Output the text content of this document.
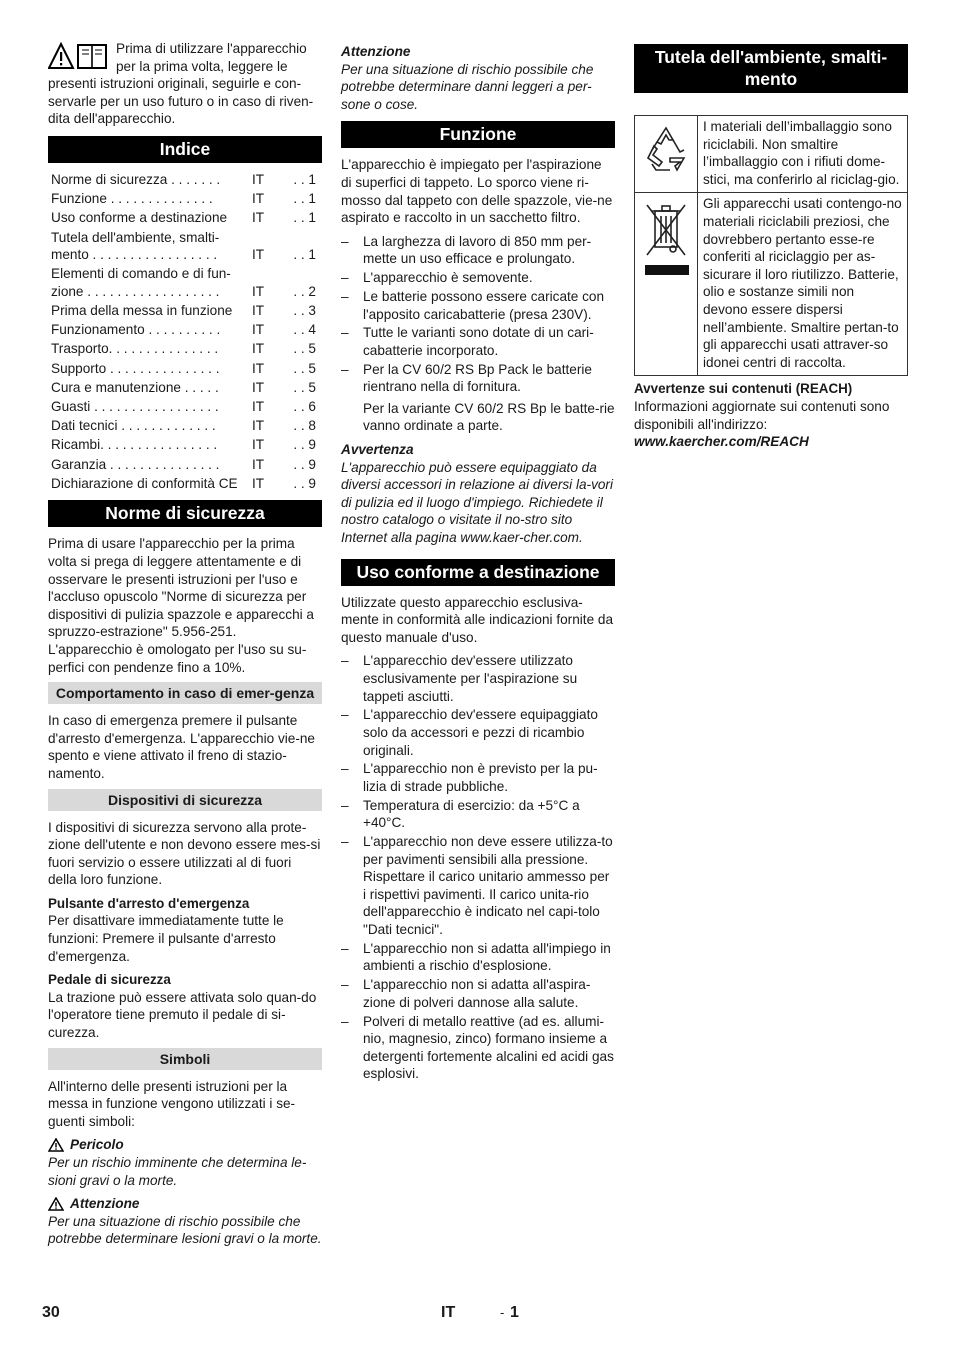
Prima di utilizzare l'apparecchio per la prima volta, leggere le presenti istruzioni originali, seguirle e con-servarle per un uso futuro o in caso di riven-dita dell'apparecchio.

Indice
Norme di sicurezza . . . . . . .	IT	. . 1
Funzione . . . . . . . . . . . . . .	IT	. . 1
Uso conforme a destinazione	IT	. . 1
Tutela dell'ambiente, smalti-
mento . . . . . . . . . . . . . . . . .	IT	. . 1
Elementi di comando e di fun-
zione . . . . . . . . . . . . . . . . . .	IT	. . 2
Prima della messa in funzione	IT	. . 3
Funzionamento . . . . . . . . . .	IT	. . 4
Trasporto. . . . . . . . . . . . . . .	IT	. . 5
Supporto . . . . . . . . . . . . . . .	IT	. . 5
Cura e manutenzione . . . . .	IT	. . 5
Guasti . . . . . . . . . . . . . . . . .	IT	. . 6
Dati tecnici . . . . . . . . . . . . .	IT	. . 8
Ricambi. . . . . . . . . . . . . . . .	IT	. . 9
Garanzia . . . . . . . . . . . . . . .	IT	. . 9
Dichiarazione di conformità CE	IT	. . 9
Norme di sicurezza

Prima di usare l'apparecchio per la prima volta si prega di leggere attentamente e di osservare le presenti istruzioni per l'uso e l'accluso opuscolo "Norme di sicurezza per dispositivi di pulizia spazzole e apparecchi a spruzzo-estrazione" 5.956-251.
L'apparecchio è omologato per l'uso su su-perfici con pendenze fino a 10%.

Comportamento in caso di emer-genza

In caso di emergenza premere il pulsante d'arresto d'emergenza. L'apparecchio vie-ne spento e viene attivato il freno di stazio-namento.

Dispositivi di sicurezza

I dispositivi di sicurezza servono alla prote-zione dell'utente e non devono essere mes-si fuori servizio o essere utilizzati al di fuori della loro funzione.

Pulsante d'arresto d'emergenza

Per disattivare immediatamente tutte le funzioni: Premere il pulsante d'arresto d'emergenza.

Pedale di sicurezza

La trazione può essere attivata solo quan-do l'operatore tiene premuto il pedale di si-curezza.

Simboli

All'interno delle presenti istruzioni per la messa in funzione vengono utilizzati i se-guenti simboli:

Pericolo

Per un rischio imminente che determina le-sioni gravi o la morte.

Attenzione

Per una situazione di rischio possibile che potrebbe determinare lesioni gravi o la morte.

Attenzione

Per una situazione di rischio possibile che potrebbe determinare danni leggeri a per-sone o cose.

Funzione

L'apparecchio è impiegato per l'aspirazione di superfici di tappeto. Lo sporco viene ri-mosso dal tappeto con delle spazzole, vie-ne aspirato e raccolto in un sacchetto filtro.

– La larghezza di lavoro di 850 mm per-mette un uso efficace e prolungato.
– L'apparecchio è semovente.
– Le batterie possono essere caricate con l'apposito caricabatterie (presa 230V).
– Tutte le varianti sono dotate di un cari-cabatterie incorporato.
– Per la CV 60/2 RS Bp Pack le batterie rientrano nella di fornitura.

Per la variante CV 60/2 RS Bp le batte-rie vanno ordinate a parte.

Avvertenza

L'apparecchio può essere equipaggiato da diversi accessori in relazione ai diversi la-vori di pulizia ed il luogo d'impiego. Richiedete il nostro catalogo o visitate il no-stro sito Internet alla pagina www.kaer-cher.com.

Uso conforme a destinazione

Utilizzate questo apparecchio esclusiva-mente in conformità alle indicazioni fornite da questo manuale d'uso.

– L'apparecchio dev'essere utilizzato esclusivamente per l'aspirazione su tappeti asciutti.
– L'apparecchio dev'essere equipaggiato solo da accessori e pezzi di ricambio originali.
– L'apparecchio non è previsto per la pu-lizia di strade pubbliche.
– Temperatura di esercizio: da +5°C a +40°C.
– L'apparecchio non deve essere utilizza-to per pavimenti sensibili alla pressione. Rispettare il carico unitario ammesso per i rispettivi pavimenti. Il carico unita-rio dell'apparecchio è indicato nel capi-tolo "Dati tecnici".
– L'apparecchio non si adatta all'impiego in ambienti a rischio d'esplosione.
– L'apparecchio non si adatta all'aspira-zione di polveri dannose alla salute.
– Polveri di metallo reattive (ad es. allumi-nio, magnesio, zinco) formano insieme a detergenti fortemente alcalini ed acidi gas esplosivi.
Tutela dell'ambiente, smalti-mento
	I materiali dell’imballaggio sono riciclabili. Non smaltire l’imballaggio con i rifiuti dome-stici, ma conferirlo al riciclag-gio.
	Gli apparecchi usati contengo-no materiali riciclabili preziosi, che dovrebbero pertanto esse-re conferiti al riciclaggio per as-sicurare il loro riutilizzo. Batterie, olio e sostanze simili non devono essere dispersi nell’ambiente. Smaltire pertan-to gli apparecchi usati attraver-so idonei centri di raccolta.
Avvertenze sui contenuti (REACH)

Informazioni aggiornate sui contenuti sono disponibili all'indirizzo:

www.kaercher.com/REACH
30	IT	- 1
